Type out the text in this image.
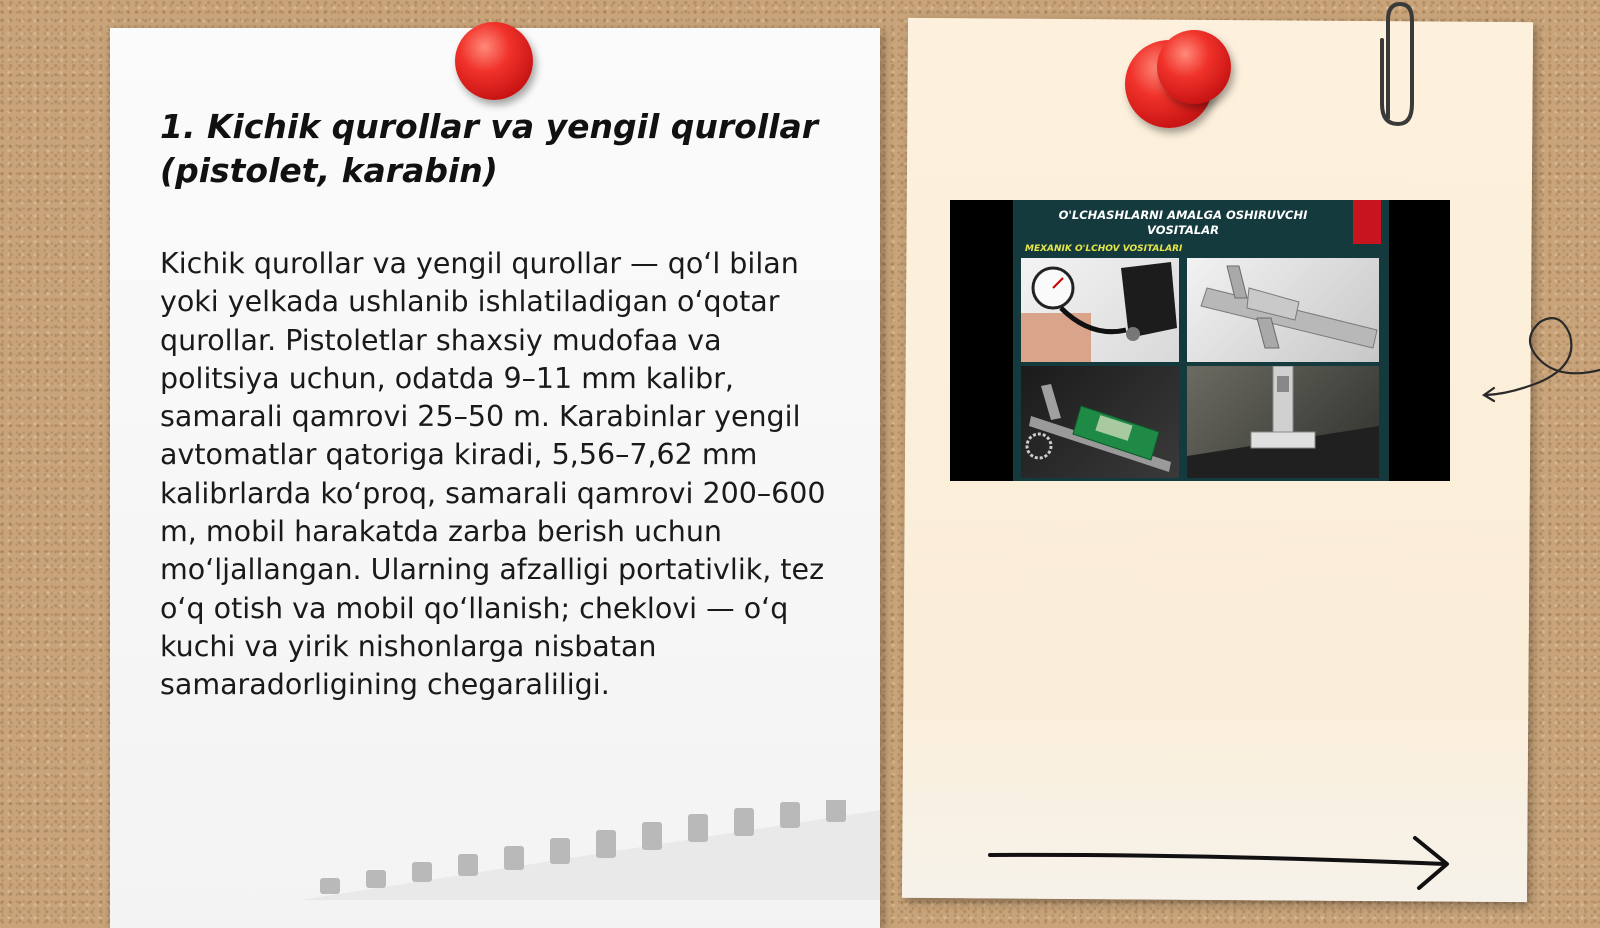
1. Kichik qurollar va yengil qurollar (pistolet, karabin)

Kichik qurollar va yengil qurollar — qo‘l bilan yoki yelkada ushlanib ishlatiladigan o‘qotar qurollar. Pistoletlar shaxsiy mudofaa va politsiya uchun, odatda 9–11 mm kalibr, samarali qamrovi 25–50 m. Karabinlar yengil avtomatlar qatoriga kiradi, 5,56–7,62 mm kalibrlarda ko‘proq, samarali qamrovi 200–600 m, mobil harakatda zarba berish uchun mo‘ljallangan. Ularning afzalligi portativlik, tez o‘q otish va mobil qo‘llanish; cheklovi — o‘q kuchi va yirik nishonlarga nisbatan samaradorligining chegaraliligi.

O'LCHASHLARNI AMALGA OSHIRUVCHI
VOSITALAR
MEXANIK O'LCHOV VOSITALARI
